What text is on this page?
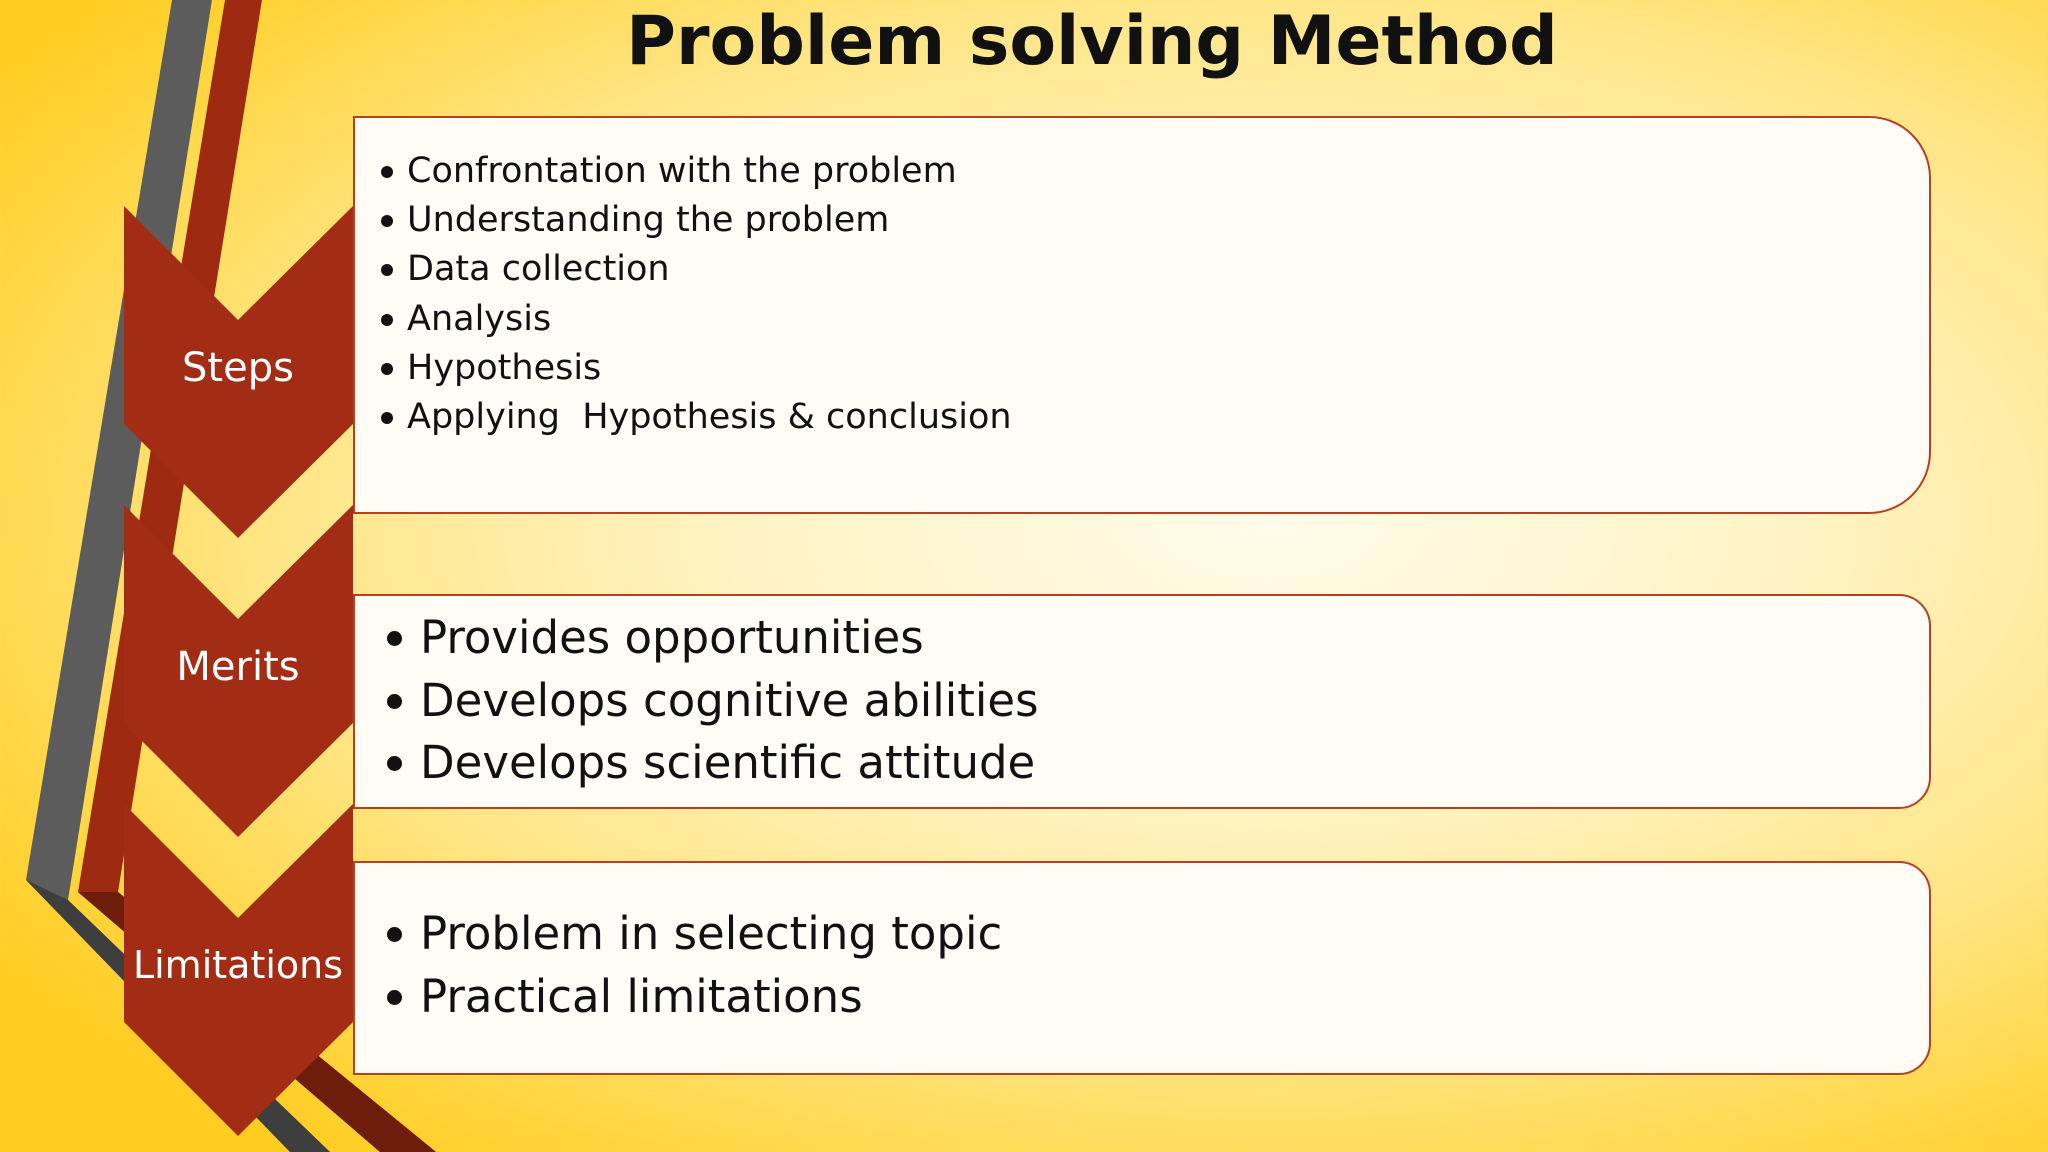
Problem solving Method
Steps
Merits
Limitations
Confrontation with the problem
Understanding the problem
Data collection
Analysis
Hypothesis
Applying  Hypothesis & conclusion
Provides opportunities
Develops cognitive abilities
Develops scientific attitude
Problem in selecting topic
Practical limitations
